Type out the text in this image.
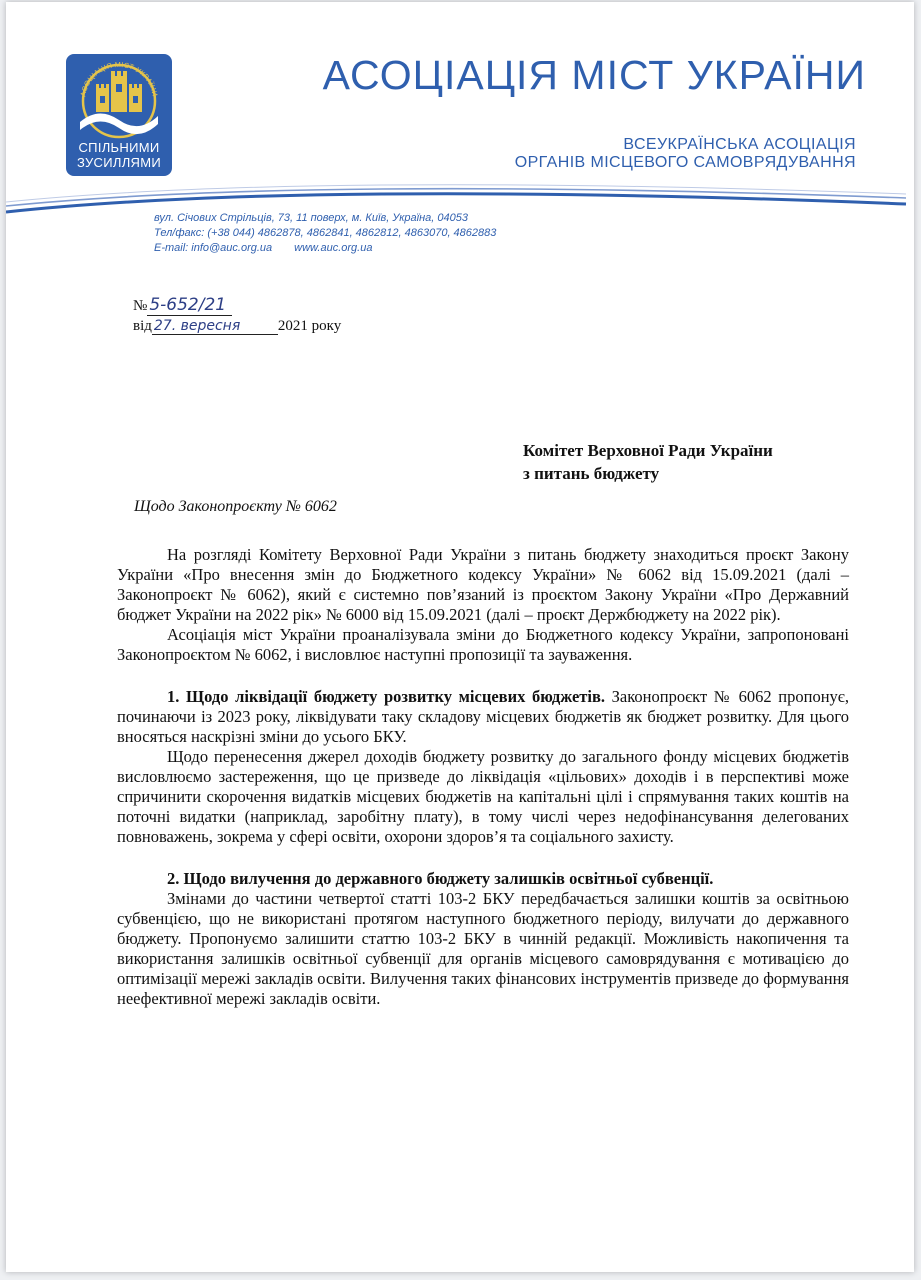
АСОЦІАЦІЯ МІСТ УКРАЇНИ
СПІЛЬНИМИ
ЗУСИЛЛЯМИ
АСОЦІАЦІЯ МІСТ УКРАЇНИ
ВСЕУКРАЇНСЬКА АСОЦІАЦІЯ
ОРГАНІВ МІСЦЕВОГО САМОВРЯДУВАННЯ
вул. Січових Стрільців, 73, 11 поверх, м. Київ, Україна, 04053
Тел/факс: (+38 044) 4862878, 4862841, 4862812, 4863070, 4862883
E-mail: info@auc.org.ua www.auc.org.ua
№ 5-652/21
від 27. вересня	2021 року
Комітет Верховної Ради України
з питань бюджету
Щодо Законопроєкту № 6062

На розгляді Комітету Верховної Ради України з питань бюджету знаходиться проєкт Закону України «Про внесення змін до Бюджетного кодексу України» № 6062 від 15.09.2021 (далі – Законопроєкт № 6062), який є системно пов’язаний із проєктом Закону України «Про Державний бюджет України на 2022 рік» № 6000 від 15.09.2021 (далі – проєкт Держбюджету на 2022 рік).

Асоціація міст України проаналізувала зміни до Бюджетного кодексу України, запропоновані Законопроєктом № 6062, і висловлює наступні пропозиції та зауваження.

1. Щодо ліквідації бюджету розвитку місцевих бюджетів. Законопроєкт № 6062 пропонує, починаючи із 2023 року, ліквідувати таку складову місцевих бюджетів як бюджет розвитку. Для цього вносяться наскрізні зміни до усього БКУ.

Щодо перенесення джерел доходів бюджету розвитку до загального фонду місцевих бюджетів висловлюємо застереження, що це призведе до ліквідація «цільових» доходів і в перспективі може спричинити скорочення видатків місцевих бюджетів на капітальні цілі і спрямування таких коштів на поточні видатки (наприклад, заробітну плату), в тому числі через недофінансування делегованих повноважень, зокрема у сфері освіти, охорони здоров’я та соціального захисту.

2. Щодо вилучення до державного бюджету залишків освітньої субвенції.

Змінами до частини четвертої статті 103-2 БКУ передбачається залишки коштів за освітньою субвенцією, що не використані протягом наступного бюджетного періоду, вилучати до державного бюджету. Пропонуємо залишити статтю 103-2 БКУ в чинній редакції. Можливість накопичення та використання залишків освітньої субвенції для органів місцевого самоврядування є мотивацією до оптимізації мережі закладів освіти. Вилучення таких фінансових інструментів призведе до формування неефективної мережі закладів освіти.
